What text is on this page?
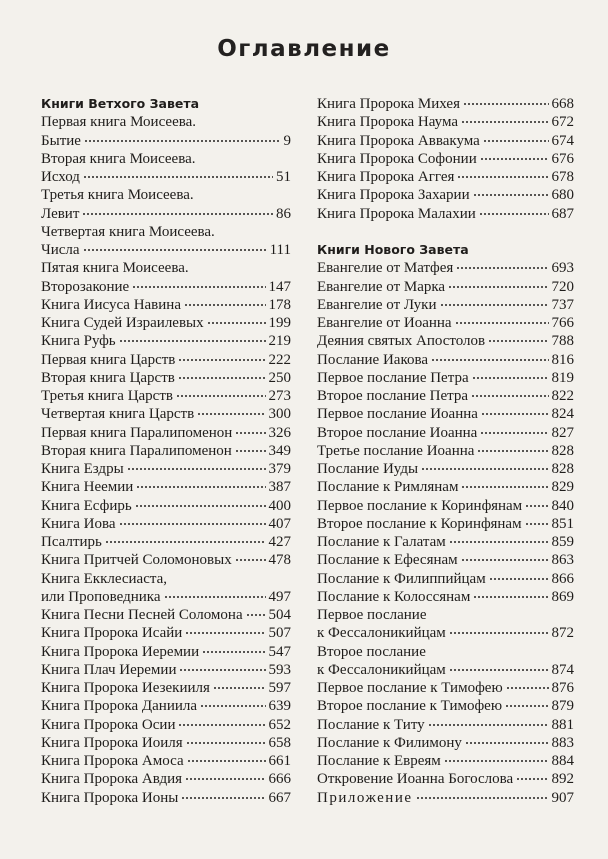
Оглавление
Книги Ветхого Завета
Первая книга Моисеева.
Бытие	9
Вторая книга Моисеева.
Исход	51
Третья книга Моисеева.
Левит	86
Четвертая книга Моисеева.
Числа	111
Пятая книга Моисеева.
Второзаконие	147
Книга Иисуса Навина	178
Книга Судей Израилевых	199
Книга Руфь	219
Первая книга Царств	222
Вторая книга Царств	250
Третья книга Царств	273
Четвертая книга Царств	300
Первая книга Паралипоменон 326
Вторая книга Паралипоменон 349
Книга Ездры	379
Книга Неемии	387
Книга Есфирь	400
Книга Иова	407
Псалтирь	427
Книга Притчей Соломоновых 478
Книга Екклесиаста,
или Проповедника	497
Книга Песни Песней Соломона 504
Книга Пророка Исайи	507
Книга Пророка Иеремии	547
Книга Плач Иеремии	593
Книга Пророка Иезекииля	597
Книга Пророка Даниила	639
Книга Пророка Осии	652
Книга Пророка Иоиля	658
Книга Пророка Амоса	661
Книга Пророка Авдия	666
Книга Пророка Ионы	667
Книга Пророка Михея	668
Книга Пророка Наума	672
Книга Пророка Аввакума	674
Книга Пророка Софонии	676
Книга Пророка Аггея	678
Книга Пророка Захарии	680
Книга Пророка Малахии	687
Книги Нового Завета
Евангелие от Матфея	693
Евангелие от Марка	720
Евангелие от Луки	737
Евангелие от Иоанна	766
Деяния святых Апостолов	788
Послание Иакова	816
Первое послание Петра	819
Второе послание Петра	822
Первое послание Иоанна	824
Второе послание Иоанна	827
Третье послание Иоанна	828
Послание Иуды	828
Послание к Римлянам	829
Первое послание к Коринфянам 840
Второе послание к Коринфянам 851
Послание к Галатам	859
Послание к Ефесянам	863
Послание к Филиппийцам	866
Послание к Колоссянам	869
Первое послание
к Фессалоникийцам	872
Второе послание
к Фессалоникийцам	874
Первое послание к Тимофею	876
Второе послание к Тимофею	879
Послание к Титу	881
Послание к Филимону	883
Послание к Евреям	884
Откровение Иоанна Богослова	892
Приложение	907
